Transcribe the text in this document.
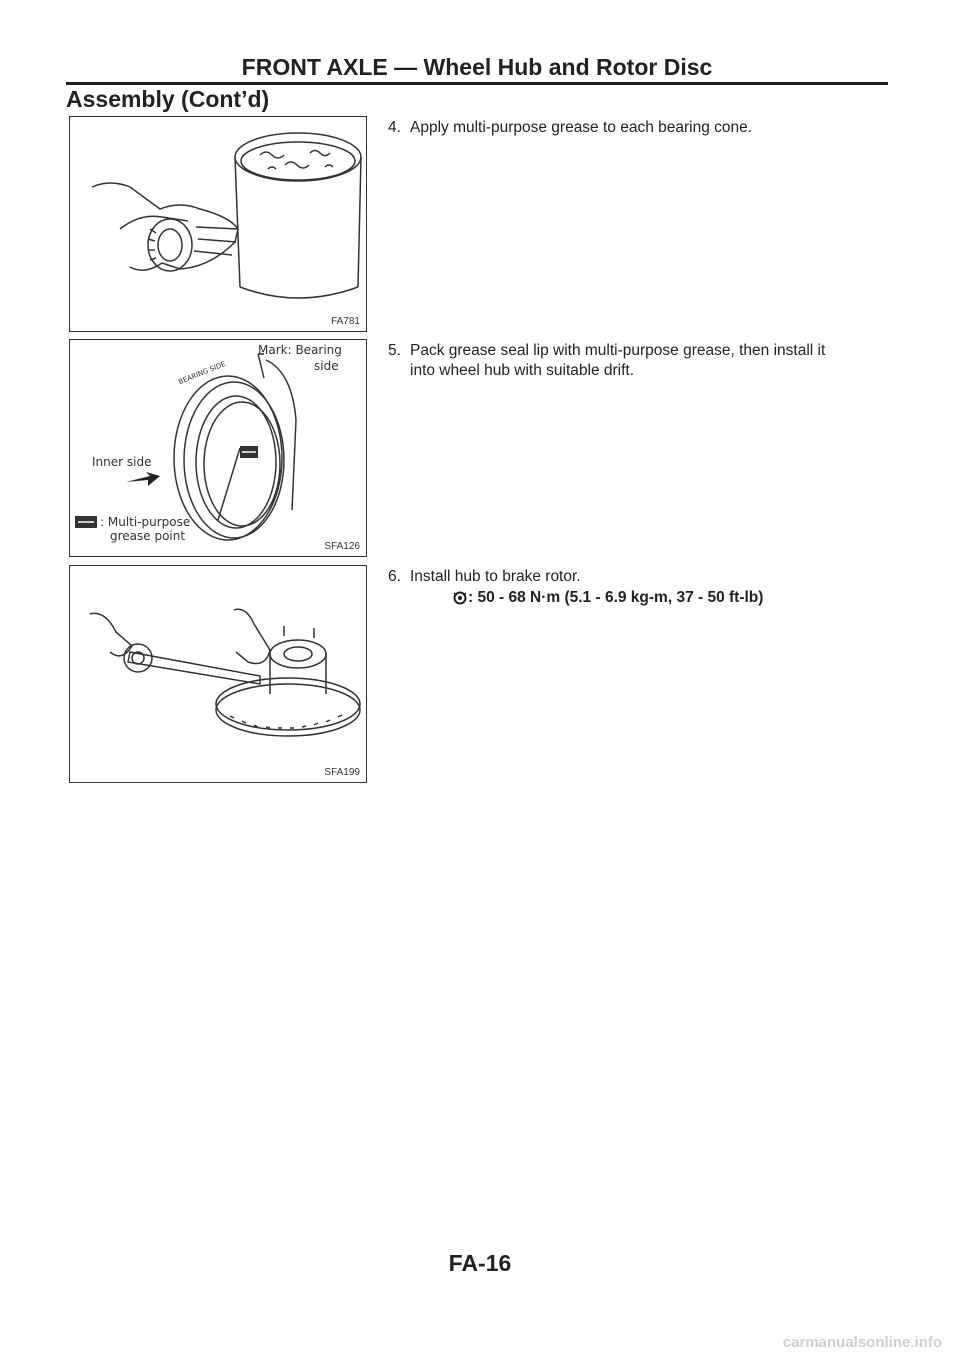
FRONT AXLE — Wheel Hub and Rotor Disc
Assembly (Cont’d)
FA781
4. Apply multi-purpose grease to each bearing cone.
Mark: Bearing
side
BEARING SIDE
Inner side
: Multi-purpose
grease point
SFA126
5. Pack grease seal lip with multi-purpose grease, then install it
into wheel hub with suitable drift.
SFA199
6. Install hub to brake rotor.
: 50 - 68 N·m (5.1 - 6.9 kg-m, 37 - 50 ft-lb)
FA-16
carmanualsonline.info
